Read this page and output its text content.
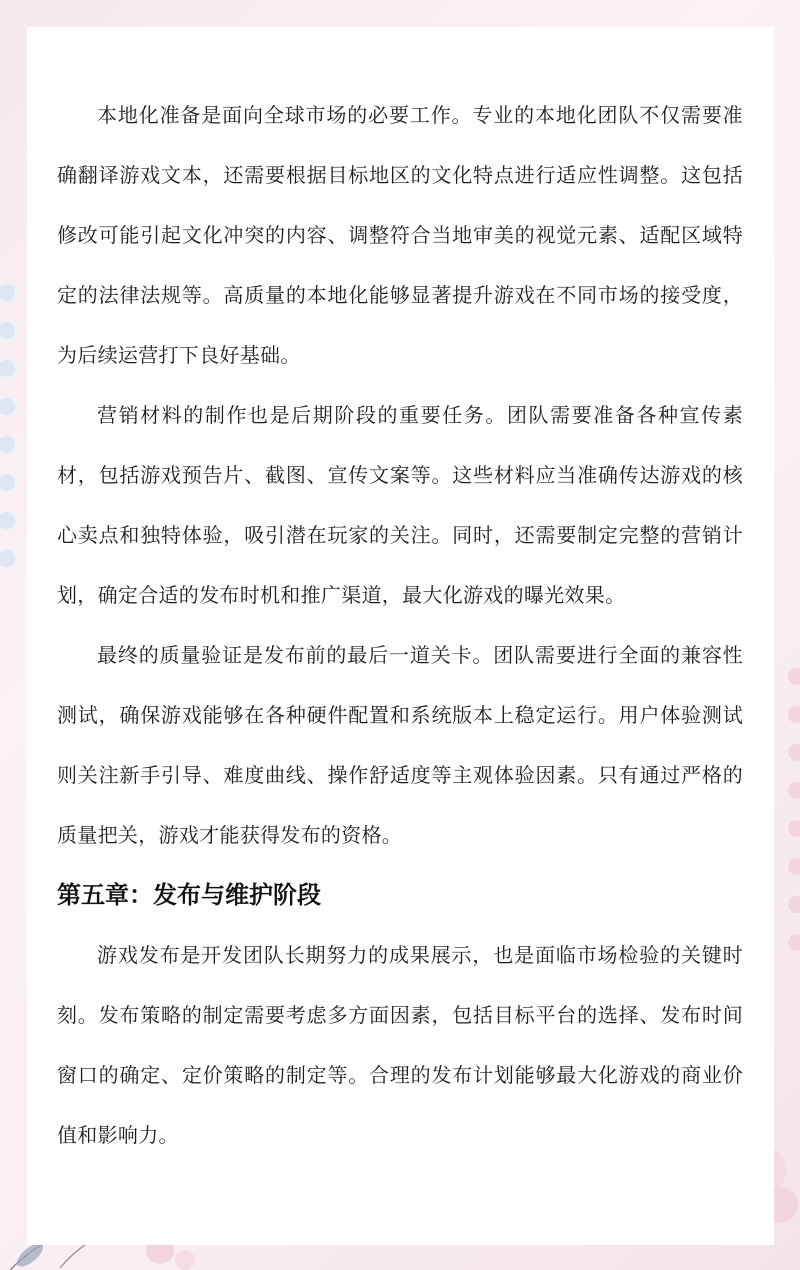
本地化准备是面向全球市场的必要工作。专业的本地化团队不仅需要准确翻译游戏文本，还需要根据目标地区的文化特点进行适应性调整。这包括修改可能引起文化冲突的内容、调整符合当地审美的视觉元素、适配区域特定的法律法规等。高质量的本地化能够显著提升游戏在不同市场的接受度，为后续运营打下良好基础。

营销材料的制作也是后期阶段的重要任务。团队需要准备各种宣传素材，包括游戏预告片、截图、宣传文案等。这些材料应当准确传达游戏的核心卖点和独特体验，吸引潜在玩家的关注。同时，还需要制定完整的营销计划，确定合适的发布时机和推广渠道，最大化游戏的曝光效果。

最终的质量验证是发布前的最后一道关卡。团队需要进行全面的兼容性测试，确保游戏能够在各种硬件配置和系统版本上稳定运行。用户体验测试则关注新手引导、难度曲线、操作舒适度等主观体验因素。只有通过严格的质量把关，游戏才能获得发布的资格。

第五章：发布与维护阶段

游戏发布是开发团队长期努力的成果展示，也是面临市场检验的关键时刻。发布策略的制定需要考虑多方面因素，包括目标平台的选择、发布时间窗口的确定、定价策略的制定等。合理的发布计划能够最大化游戏的商业价值和影响力。
